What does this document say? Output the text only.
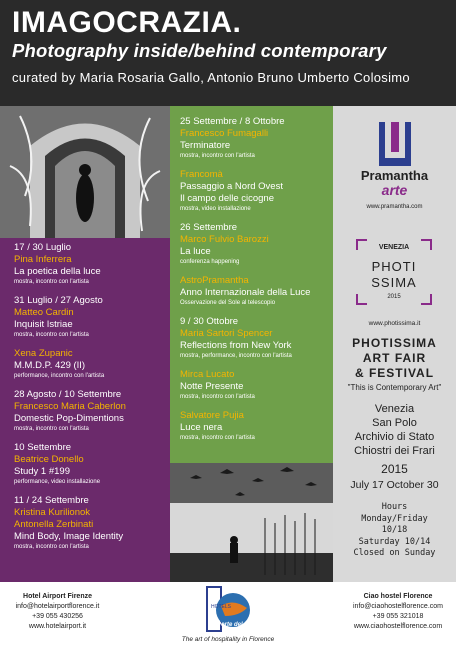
IMAGOCRAZIA.
Photography inside/behind contemporary
curated by Maria Rosaria Gallo, Antonio Bruno Umberto Colosimo
17 / 30 Luglio
Pina Inferrera
La poetica della luce
mostra, incontro con l'artista
31 Luglio / 27 Agosto
Matteo Cardin
Inquisit Istriae
mostra, incontro con l'artista
Xena Zupanic
M.M.D.P. 429 (II)
performance, incontro con l'artista
28 Agosto / 10 Settembre
Francesco Maria Caberlon
Domestic Pop-Dimentions
mostra, incontro con l'artista
10 Settembre
Beatrice Donello
Study 1 #199
performance, video installazione
11 / 24 Settembre
Kristina Kurilionok
Antonella Zerbinati
Mind Body, Image Identity
mostra, incontro con l'artista
25 Settembre / 8 Ottobre
Francesco Fumagalli
Terminatore
mostra, incontro con l'artista
Francomà
Passaggio a Nord Ovest
Il campo delle cicogne
mostra, video installazione
26 Settembre
Marco Fulvio Barozzi
La luce
conferenza happening
AstroPramantha
Anno Internazionale della Luce
Osservazione del Sole al telescopio
9 / 30 Ottobre
Maria Sartori Spencer
Reflections from New York
mostra, performance, incontro con l'artista
Mirca Lucato
Notte Presente
mostra, incontro con l'artista
Salvatore Pujia
Luce nera
mostra, incontro con l'artista
Pramantha
arte
www.pramantha.com
VENEZIA
PHOTI
SSIMA
2015
www.photissima.it
PHOTISSIMA
ART FAIR
& FESTIVAL
"This is Contemporary Art"
Venezia
San Polo
Archivio di Stato
Chiostri dei Frari
2015
July 17 October 30
Hours
Monday/Friday
10/18
Saturday 10/14
Closed on Sunday
Hotel Airport Firenze
info@hotelairportflorence.it
+39 055 430256
www.hotelairport.it
HOTELS
Porte del Mondo
The art of hospitality in Florence
Ciao hostel Florence
info@ciaohostelflorence.com
+39 055 321018
www.ciaohostelflorence.com
